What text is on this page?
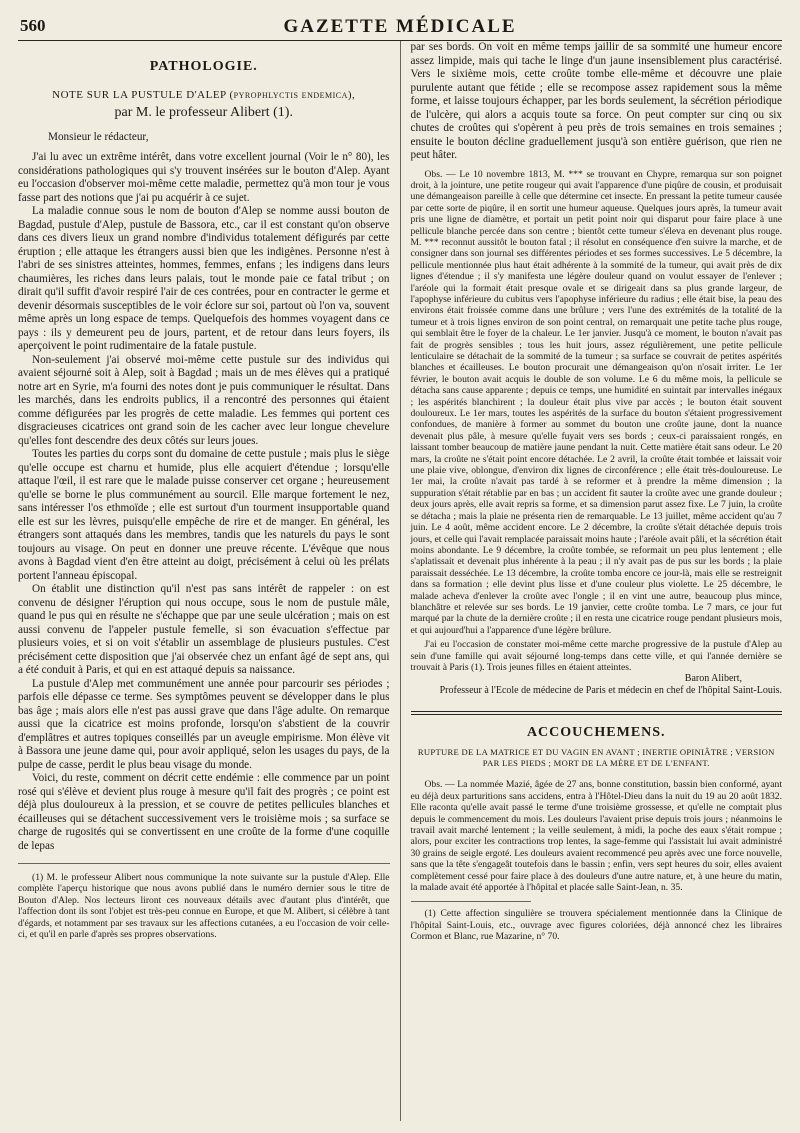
560	GAZETTE MÉDICALE
PATHOLOGIE.
NOTE SUR LA PUSTULE D'ALEP (pyrophlyctis endemica),
par M. le professeur Alibert (1).
Monsieur le rédacteur,

J'ai lu avec un extrême intérêt, dans votre excellent journal (Voir le n° 80), les considérations pathologiques qui s'y trouvent insérées sur le bouton d'Alep. Ayant eu l'occasion d'observer moi-même cette maladie, permettez qu'à mon tour je vous fasse part des notions que j'ai pu acquérir à ce sujet.

La maladie connue sous le nom de bouton d'Alep se nomme aussi bouton de Bagdad, pustule d'Alep, pustule de Bassora, etc., car il est constant qu'on observe dans ces divers lieux un grand nombre d'individus totalement défigurés par cette éruption ; elle attaque les étrangers aussi bien que les indigènes. Personne n'est à l'abri de ses sinistres atteintes, hommes, femmes, enfans ; les indigens dans leurs chaumières, les riches dans leurs palais, tout le monde paie ce fatal tribut ; on dirait qu'il suffit d'avoir respiré l'air de ces contrées, pour en contracter le germe et devenir désormais susceptibles de le voir éclore sur soi, partout où l'on va, souvent même après un long espace de temps. Quelquefois des hommes voyagent dans ce pays : ils y demeurent peu de jours, partent, et de retour dans leurs foyers, ils aperçoivent le point rudimentaire de la fatale pustule.

Non-seulement j'ai observé moi-même cette pustule sur des individus qui avaient séjourné soit à Alep, soit à Bagdad ; mais un de mes élèves qui a pratiqué notre art en Syrie, m'a fourni des notes dont je puis communiquer le résultat. Dans les marchés, dans les endroits publics, il a rencontré des personnes qui étaient comme défigurées par les progrès de cette maladie. Les femmes qui portent ces disgracieuses cicatrices ont grand soin de les cacher avec leur longue chevelure qu'elles font descendre des deux côtés sur leurs joues.

Toutes les parties du corps sont du domaine de cette pustule ; mais plus le siège qu'elle occupe est charnu et humide, plus elle acquiert d'étendue ; lorsqu'elle attaque l'œil, il est rare que le malade puisse conserver cet organe ; heureusement qu'elle se borne le plus communément au sourcil. Elle marque fortement le nez, sans intéresser l'os ethmoïde ; elle est surtout d'un tourment insupportable quand elle est sur les lèvres, puisqu'elle empêche de rire et de manger. En général, les étrangers sont attaqués dans les membres, tandis que les naturels du pays le sont toujours au visage. On peut en donner une preuve récente. L'évêque que nous avons à Bagdad vient d'en être atteint au doigt, précisément à celui où les prélats portent l'anneau épiscopal.

On établit une distinction qu'il n'est pas sans intérêt de rappeler : on est convenu de désigner l'éruption qui nous occupe, sous le nom de pustule mâle, quand le pus qui en résulte ne s'échappe que par une seule ulcération ; mais on est aussi convenu de l'appeler pustule femelle, si son évacuation s'effectue par plusieurs voies, et si on voit s'établir un assemblage de plusieurs pustules. C'est précisément cette disposition que j'ai observée chez un enfant âgé de sept ans, qui a été conduit à Paris, et qui en est attaqué depuis sa naissance.

La pustule d'Alep met communément une année pour parcourir ses périodes ; parfois elle dépasse ce terme. Ses symptômes peuvent se développer dans le plus bas âge ; mais alors elle n'est pas aussi grave que dans l'âge adulte. On remarque aussi que la cicatrice est moins profonde, lorsqu'on s'abstient de la couvrir d'emplâtres et autres topiques conseillés par un aveugle empirisme. Mon élève vit à Bassora une jeune dame qui, pour avoir appliqué, selon les usages du pays, de la pulpe de casse, perdit le plus beau visage du monde.

Voici, du reste, comment on décrit cette endémie : elle commence par un point rosé qui s'élève et devient plus rouge à mesure qu'il fait des progrès ; ce point est déjà plus douloureux à la pression, et se couvre de petites pellicules blanches et écailleuses qui se détachent successivement vers le troisième mois ; sa surface se charge de rugosités qui se convertissent en une croûte de la forme d'une coquille de lepas

(1) M. le professeur Alibert nous communique la note suivante sur la pustule d'Alep. Elle complète l'aperçu historique que nous avons publié dans le numéro dernier sous le titre de Bouton d'Alep. Nos lecteurs liront ces nouveaux détails avec d'autant plus d'intérêt, que l'affection dont ils sont l'objet est très-peu connue en Europe, et que M. Alibert, si célèbre à tant d'égards, et notamment par ses travaux sur les affections cutanées, a eu l'occasion de voir celle-ci, et qu'il en parle d'après ses propres observations.

par ses bords. On voit en même temps jaillir de sa sommité une humeur encore assez limpide, mais qui tache le linge d'un jaune insensiblement plus caractérisé. Vers le sixième mois, cette croûte tombe elle-même et découvre une plaie purulente autant que fétide ; elle se recompose assez rapidement sous la même forme, et laisse toujours échapper, par les bords seulement, la sécrétion périodique de l'ulcère, qui alors a acquis toute sa force. On peut compter sur cinq ou six chutes de croûtes qui s'opèrent à peu près de trois semaines en trois semaines ; ensuite le bouton décline graduellement jusqu'à son entière guérison, que rien ne peut hâter.

Obs. — Le 10 novembre 1813, M. *** se trouvant en Chypre, remarqua sur son poignet droit, à la jointure, une petite rougeur qui avait l'apparence d'une piqûre de cousin, et produisait une démangeaison pareille à celle que détermine cet insecte. En pressant la petite tumeur causée par cette sorte de piqûre, il en sortit une humeur aqueuse. Quelques jours après, la tumeur avait pris une ligne de diamètre, et portait un petit point noir qui disparut pour faire place à une pellicule blanche percée dans son centre ; bientôt cette tumeur s'éleva en devenant plus rouge. M. *** reconnut aussitôt le bouton fatal ; il résolut en conséquence d'en suivre la marche, et de consigner dans son journal ses différentes périodes et ses formes successives. Le 5 décembre, la pellicule mentionnée plus haut était adhérente à la sommité de la tumeur, qui avait près de dix lignes d'étendue ; il s'y manifesta une légère douleur quand on voulut essayer de l'enlever ; l'aréole qui la formait était presque ovale et se dirigeait dans sa plus grande largeur, de l'apophyse inférieure du cubitus vers l'apophyse inférieure du radius ; elle était bise, la peau des environs était froissée comme dans une brûlure ; vers l'une des extrémités de la totalité de la tumeur et à trois lignes environ de son point central, on remarquait une petite tache plus rouge, qui semblait être le foyer de la chaleur. Le 1er janvier. Jusqu'à ce moment, le bouton n'avait pas fait de progrès sensibles ; tous les huit jours, assez régulièrement, une petite pellicule lenticulaire se détachait de la sommité de la tumeur ; sa surface se couvrait de petites aspérités blanches et écailleuses. Le bouton procurait une démangeaison qu'on n'osait irriter. Le 1er février, le bouton avait acquis le double de son volume. Le 6 du même mois, la pellicule se détacha sans cause apparente ; depuis ce temps, une humidité en suintait par intervalles inégaux ; les aspérités blanchirent ; la douleur était plus vive par accès ; le bouton était souvent douloureux. Le 1er mars, toutes les aspérités de la surface du bouton s'étaient progressivement confondues, de manière à former au sommet du bouton une croûte jaune, dont la nuance devenait plus pâle, à mesure qu'elle fuyait vers ses bords ; ceux-ci paraissaient rongés, en laissant tomber beaucoup de matière jaune pendant la nuit. Cette matière était sans odeur. Le 20 mars, la croûte ne s'était point encore détachée. Le 2 avril, la croûte était tombée et laissait voir une plaie vive, oblongue, d'environ dix lignes de circonférence ; elle était très-douloureuse. Le 1er mai, la croûte n'avait pas tardé à se reformer et à prendre la même dimension ; la suppuration s'était rétablie par en bas ; un accident fit sauter la croûte avec une grande douleur ; deux jours après, elle avait repris sa forme, et sa dimension parut assez fixe. Le 7 juin, la croûte se détacha ; mais la plaie ne présenta rien de remarquable. Le 13 juillet, même accident qu'au 7 juin. Le 4 août, même accident encore. Le 2 décembre, la croûte s'était détachée depuis trois jours, et celle qui l'avait remplacée paraissait moins haute ; l'aréole avait pâli, et la sécrétion était moins abondante. Le 9 décembre, la croûte tombée, se reformait un peu plus lentement ; elle s'aplatissait et devenait plus inhérente à la peau ; il n'y avait pas de pus sur les bords ; la plaie paraissait desséchée. Le 13 décembre, la croûte tomba encore ce jour-là, mais elle se restreignit dans sa formation ; elle devint plus lisse et d'une couleur plus violette. Le 25 décembre, le malade acheva d'enlever la croûte avec l'ongle ; il en vint une autre, beaucoup plus mince, blanchâtre et relevée sur ses bords. Le 19 janvier, cette croûte tomba. Le 7 mars, ce jour fut marqué par la chute de la dernière croûte ; il en resta une cicatrice rouge pendant plusieurs mois, et qui aujourd'hui a l'apparence d'une légère brûlure.

J'ai eu l'occasion de constater moi-même cette marche progressive de la pustule d'Alep au sein d'une famille qui avait séjourné long-temps dans cette ville, et qui l'année dernière se trouvait à Paris (1). Trois jeunes filles en étaient atteintes.

Baron Alibert,
Professeur à l'Ecole de médecine de Paris et médecin en chef de l'hôpital Saint-Louis.
ACCOUCHEMENS.
RUPTURE DE LA MATRICE ET DU VAGIN EN AVANT ; INERTIE OPINIÂTRE ; VERSION PAR LES PIEDS ; MORT DE LA MÈRE ET DE L'ENFANT.

Obs. — La nommée Mazié, âgée de 27 ans, bonne constitution, bassin bien conformé, ayant eu déjà deux parturitions sans accidens, entra à l'Hôtel-Dieu dans la nuit du 19 au 20 août 1832. Elle raconta qu'elle avait passé le terme d'une troisième grossesse, et qu'elle ne comptait plus depuis le commencement du mois. Les douleurs l'avaient prise depuis trois jours ; néanmoins le travail avait marché lentement ; la veille seulement, à midi, la poche des eaux s'était rompue ; alors, pour exciter les contractions trop lentes, la sage-femme qui l'assistait lui avait administré 30 grains de seigle ergoté. Les douleurs avaient recommencé peu après avec une force nouvelle, sans que la tête s'engageât toutefois dans le bassin ; enfin, vers sept heures du soir, elles avaient complètement cessé pour faire place à des douleurs d'une autre nature, et, à une heure du matin, la malade avait été apportée à l'hôpital et placée salle Saint-Jean, n. 35.

(1) Cette affection singulière se trouvera spécialement mentionnée dans la Clinique de l'hôpital Saint-Louis, etc., ouvrage avec figures coloriées, déjà annoncé chez les libraires Cormon et Blanc, rue Mazarine, n° 70.
